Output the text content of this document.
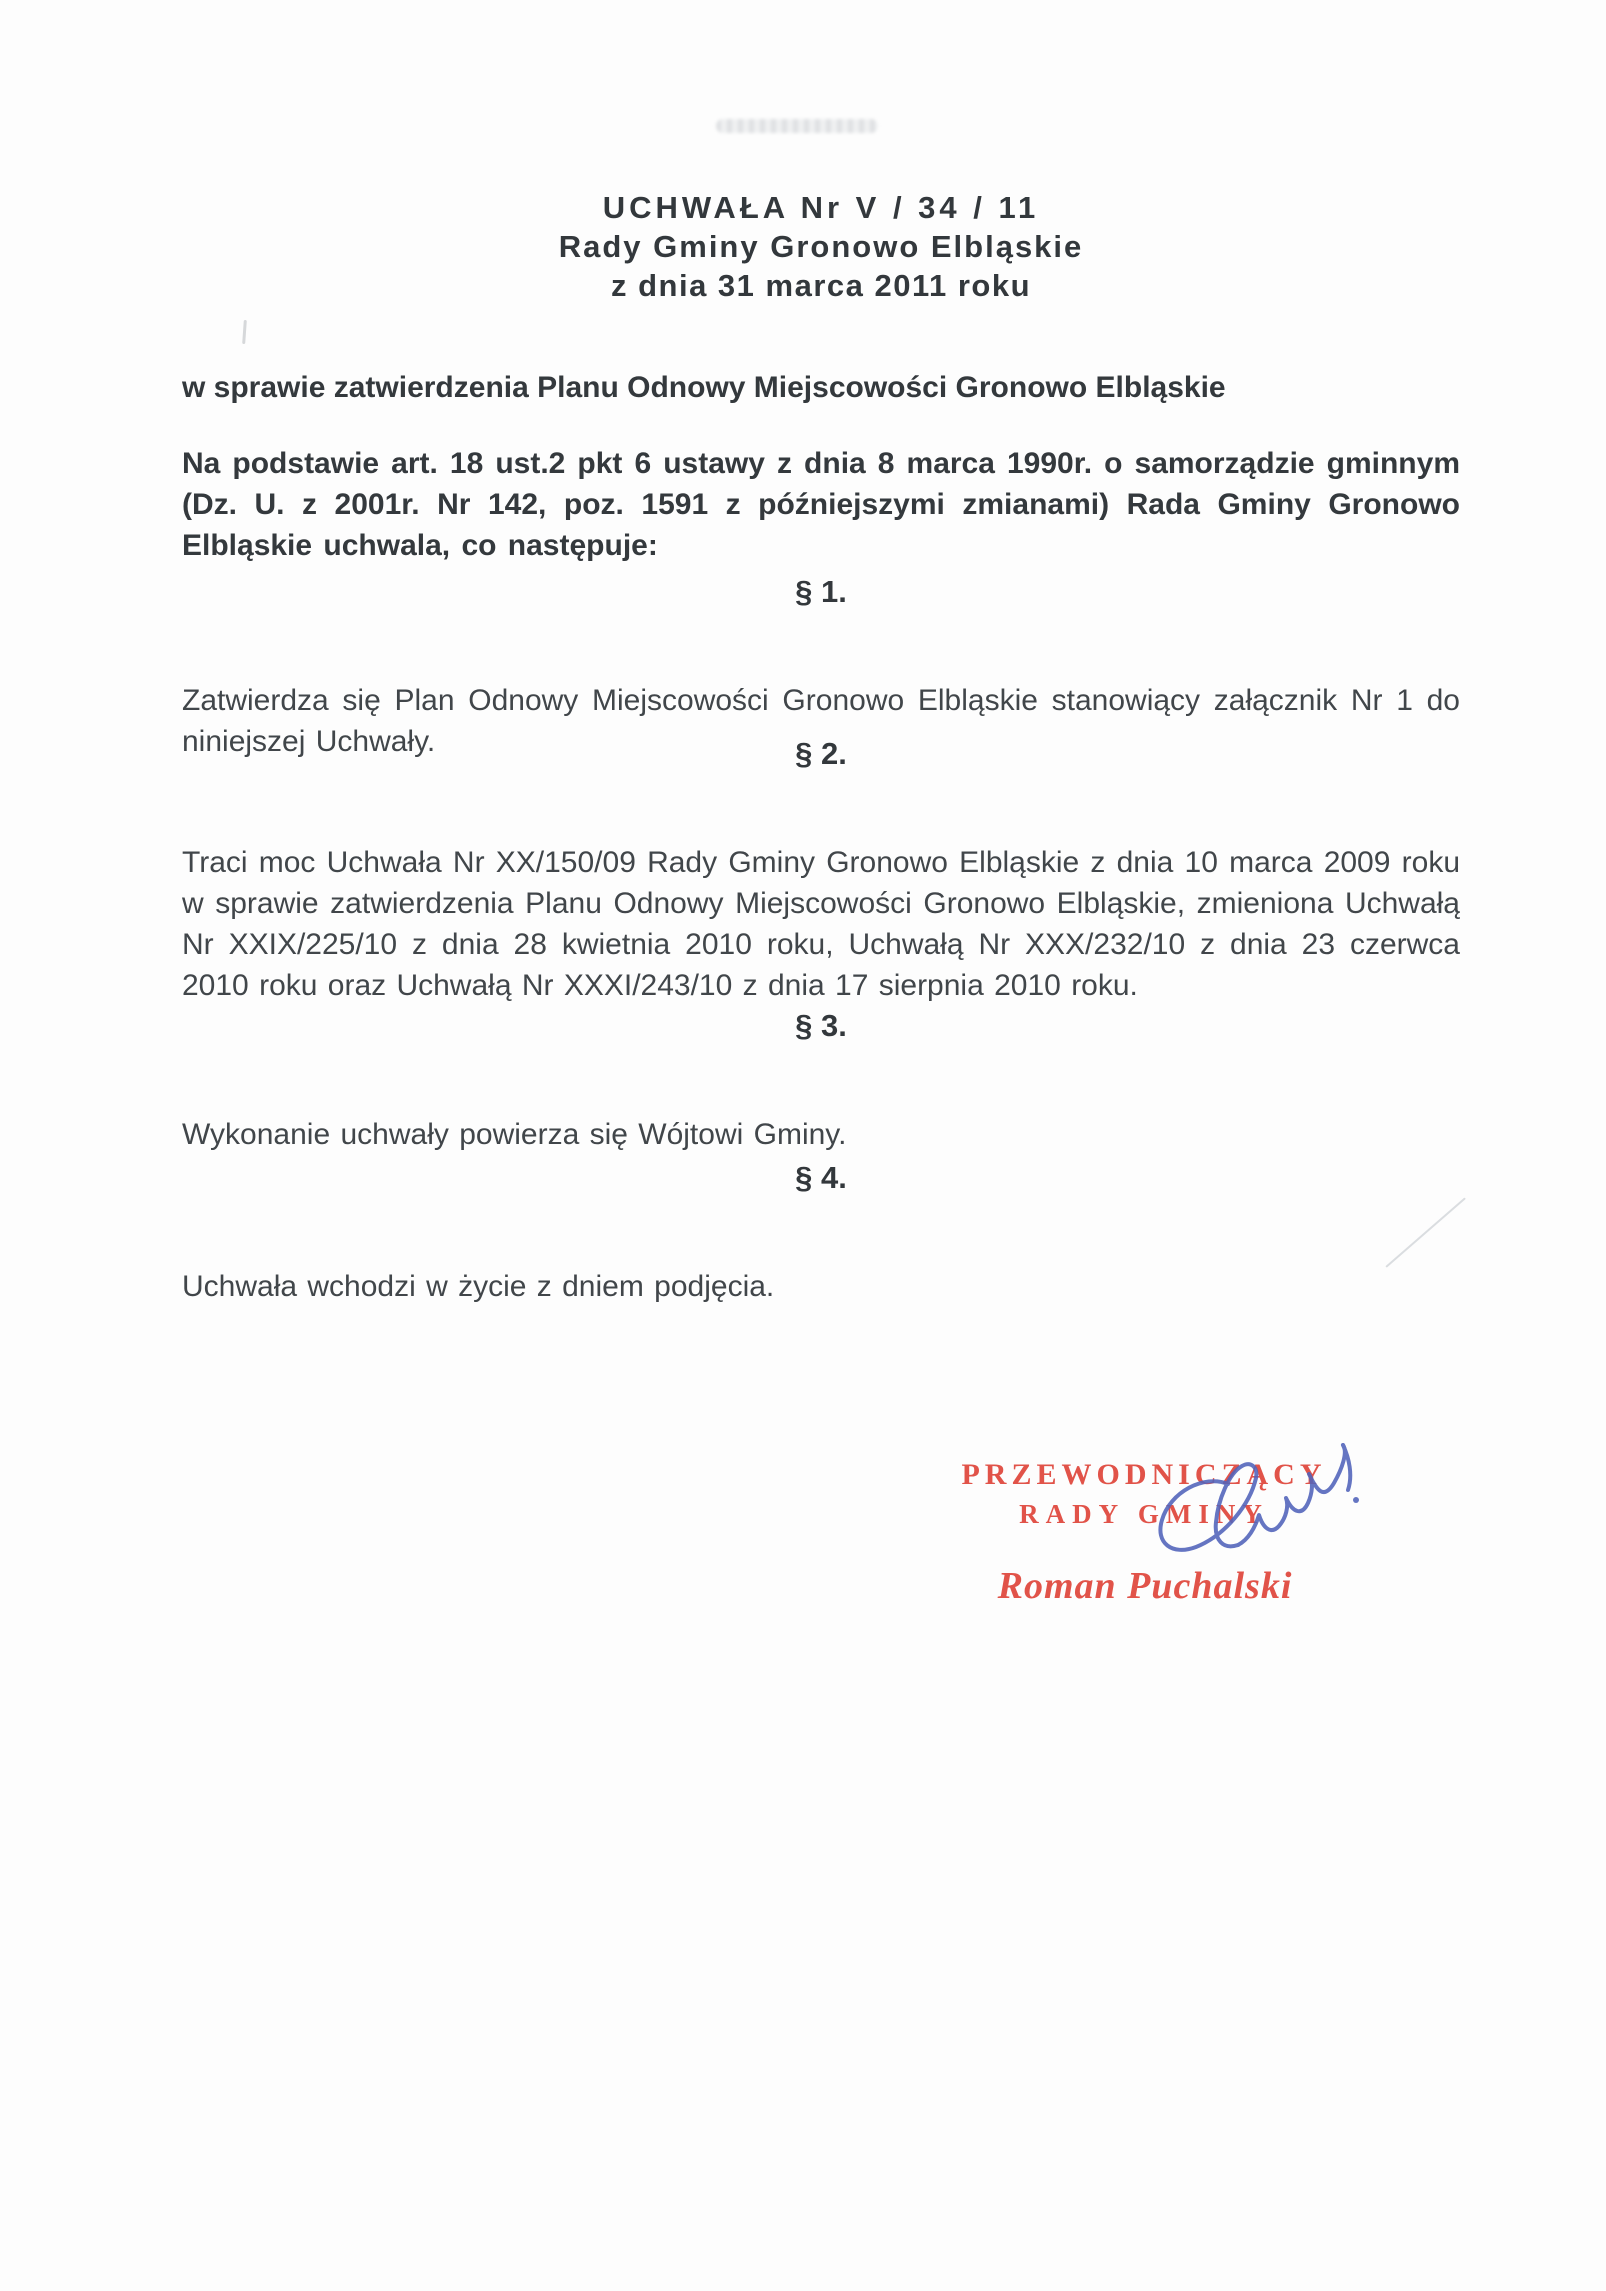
UCHWAŁA Nr V / 34 / 11
Rady Gminy Gronowo Elbląskie
z dnia 31 marca 2011 roku

w sprawie zatwierdzenia Planu Odnowy Miejscowości Gronowo Elbląskie

Na podstawie art. 18 ust.2 pkt 6 ustawy z dnia 8 marca 1990r. o samorządzie gminnym (Dz. U. z 2001r. Nr 142, poz. 1591 z późniejszymi zmianami) Rada Gminy Gronowo Elbląskie uchwala, co następuje:

§ 1.

Zatwierdza się Plan Odnowy Miejscowości Gronowo Elbląskie stanowiący załącznik Nr 1 do niniejszej Uchwały.	§ 2.

Traci moc Uchwała Nr XX/150/09 Rady Gminy Gronowo Elbląskie z dnia 10 marca 2009 roku w sprawie zatwierdzenia Planu Odnowy Miejscowości Gronowo Elbląskie, zmieniona Uchwałą Nr XXIX/225/10 z dnia 28 kwietnia 2010 roku, Uchwałą Nr XXX/232/10 z dnia 23 czerwca 2010 roku oraz Uchwałą Nr XXXI/243/10 z dnia 17 sierpnia 2010 roku.

§ 3.

Wykonanie uchwały powierza się Wójtowi Gminy.

§ 4.

Uchwała wchodzi w życie z dniem podjęcia.

PRZEWODNICZĄCY
RADY GMINY
Roman Puchalski
